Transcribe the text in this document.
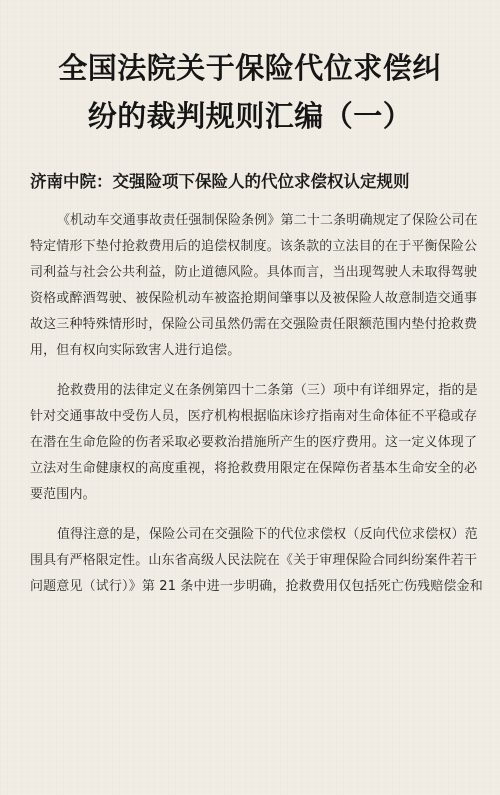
全国法院关于保险代位求偿纠
纷的裁判规则汇编（一）
济南中院：交强险项下保险人的代位求偿权认定规则

《机动车交通事故责任强制保险条例》第二十二条明确规定了保险公司在
特定情形下垫付抢救费用后的追偿权制度。该条款的立法目的在于平衡保险公
司利益与社会公共利益，防止道德风险。具体而言，当出现驾驶人未取得驾驶
资格或醉酒驾驶、被保险机动车被盗抢期间肇事以及被保险人故意制造交通事
故这三种特殊情形时，保险公司虽然仍需在交强险责任限额范围内垫付抢救费
用，但有权向实际致害人进行追偿。

抢救费用的法律定义在条例第四十二条第（三）项中有详细界定，指的是
针对交通事故中受伤人员，医疗机构根据临床诊疗指南对生命体征不平稳或存
在潜在生命危险的伤者采取必要救治措施所产生的医疗费用。这一定义体现了
立法对生命健康权的高度重视，将抢救费用限定在保障伤者基本生命安全的必
要范围内。

值得注意的是，保险公司在交强险下的代位求偿权（反向代位求偿权）范
围具有严格限定性。山东省高级人民法院在《关于审理保险合同纠纷案件若干
问题意见（试行）》第 21 条中进一步明确，抢救费用仅包括死亡伤残赔偿金和
